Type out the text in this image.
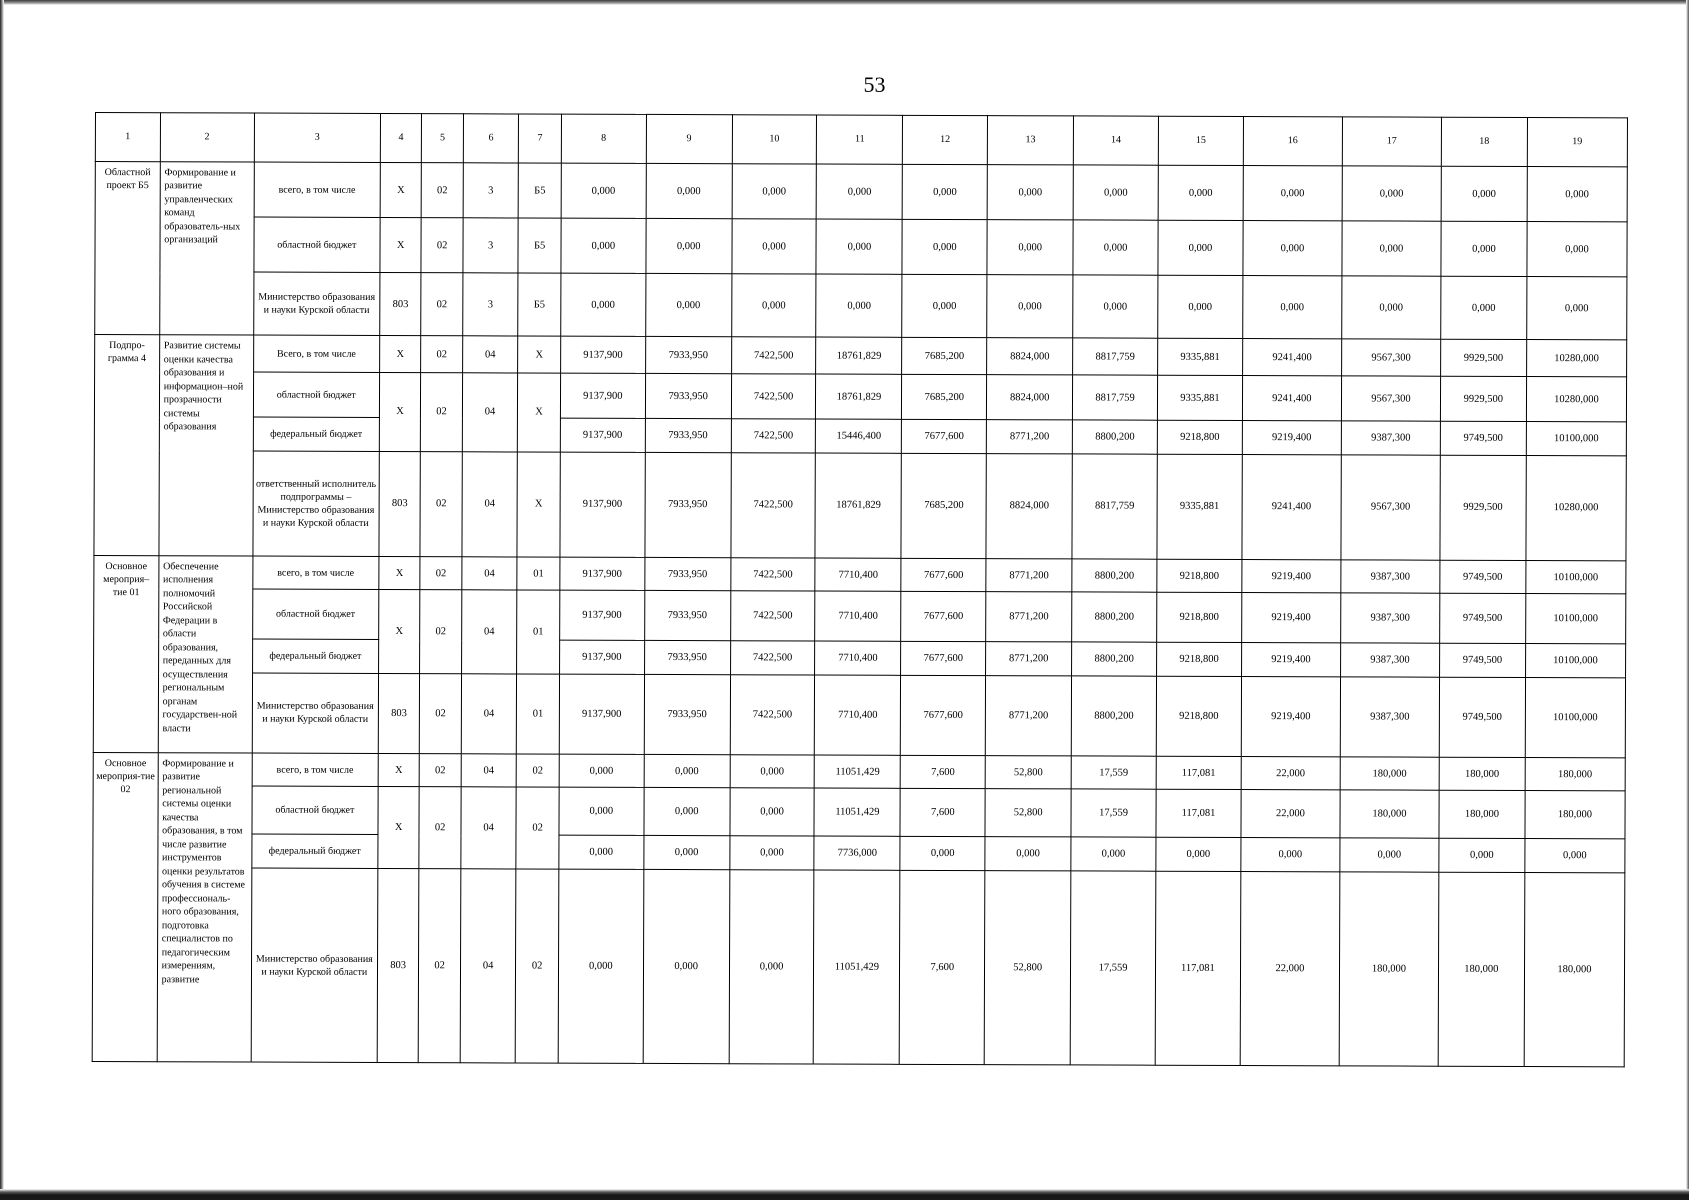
53
1	2	3	4	5	6	7	8	9	10	11	12	13	14	15	16	17	18	19
Областной проект Б5	Формирование и развитие управленческих команд образователь-ных организаций	всего, в том числе	X	02	3	Б5	0,000	0,000	0,000	0,000	0,000	0,000	0,000	0,000	0,000	0,000	0,000	0,000
		областной бюджет	X	02	3	Б5	0,000	0,000	0,000	0,000	0,000	0,000	0,000	0,000	0,000	0,000	0,000	0,000
		Министерство образования и науки Курской области	803	02	3	Б5	0,000	0,000	0,000	0,000	0,000	0,000	0,000	0,000	0,000	0,000	0,000	0,000
Подпро-грамма 4	Развитие системы оценки качества образования и информацион–ной прозрачности системы образования	Всего, в том числе	X	02	04	X	9137,900	7933,950	7422,500	18761,829	7685,200	8824,000	8817,759	9335,881	9241,400	9567,300	9929,500	10280,000
		областной бюджет	X	02	04	X	9137,900	7933,950	7422,500	18761,829	7685,200	8824,000	8817,759	9335,881	9241,400	9567,300	9929,500	10280,000
		федеральный бюджет					9137,900	7933,950	7422,500	15446,400	7677,600	8771,200	8800,200	9218,800	9219,400	9387,300	9749,500	10100,000
		ответственный исполнитель подпрограммы – Министерство образования и науки Курской области	803	02	04	X	9137,900	7933,950	7422,500	18761,829	7685,200	8824,000	8817,759	9335,881	9241,400	9567,300	9929,500	10280,000
Основное мероприя–тие 01	Обеспечение исполнения полномочий Российской Федерации в области образования, переданных для осуществления региональным органам государствен-ной власти	всего, в том числе	X	02	04	01	9137,900	7933,950	7422,500	7710,400	7677,600	8771,200	8800,200	9218,800	9219,400	9387,300	9749,500	10100,000
		областной бюджет	X	02	04	01	9137,900	7933,950	7422,500	7710,400	7677,600	8771,200	8800,200	9218,800	9219,400	9387,300	9749,500	10100,000
		федеральный бюджет					9137,900	7933,950	7422,500	7710,400	7677,600	8771,200	8800,200	9218,800	9219,400	9387,300	9749,500	10100,000
		Министерство образования и науки Курской области	803	02	04	01	9137,900	7933,950	7422,500	7710,400	7677,600	8771,200	8800,200	9218,800	9219,400	9387,300	9749,500	10100,000
Основное мероприя-тие 02	Формирование и развитие региональной системы оценки качества образования, в том числе развитие инструментов оценки результатов обучения в системе профессиональ-ного образования, подготовка специалистов по педагогическим измерениям, развитие	всего, в том числе	X	02	04	02	0,000	0,000	0,000	11051,429	7,600	52,800	17,559	117,081	22,000	180,000	180,000	180,000
		областной бюджет	X	02	04	02	0,000	0,000	0,000	11051,429	7,600	52,800	17,559	117,081	22,000	180,000	180,000	180,000
		федеральный бюджет					0,000	0,000	0,000	7736,000	0,000	0,000	0,000	0,000	0,000	0,000	0,000	0,000
		Министерство образования и науки Курской области	803	02	04	02	0,000	0,000	0,000	11051,429	7,600	52,800	17,559	117,081	22,000	180,000	180,000	180,000
